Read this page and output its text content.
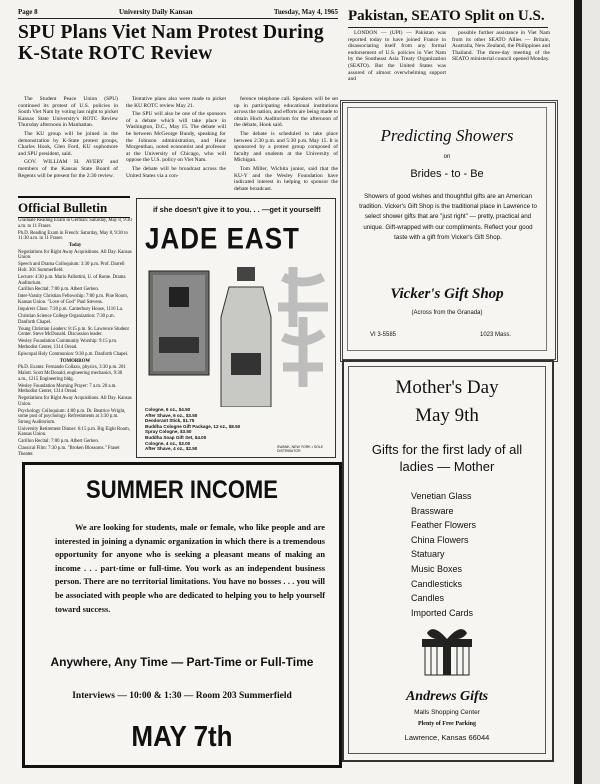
Page 8	University Daily Kansan	Tuesday, May 4, 1965
SPU Plans Viet Nam Protest During K-State ROTC Review

The Student Peace Union (SPU) continued its protest of U.S. policies in South Viet Nam by voting last night to picket Kansas State University's ROTC Review Thursday afternoon in Manhattan.

The KU group will be joined in the demonstration by K-State protest groups, Charles Hook, Glen Ford, KU sophomore and SPU president, said.

GOV. WILLIAM H. AVERY and members of the Kansas State Board of Regents will be present for the 2:30 review.

Tentative plans also were made to picket the KU ROTC review May 21.

The SPU will also be one of the sponsors of a debate which will take place in Washington, D.C., May 15. The debate will be between McGeorge Bundy, speaking for the Johnson administration, and Hans Morgenthau, noted economist and professor at the University of Chicago, who will oppose the U.S. policy on Viet Nam.

The debate will be broadcast across the United States via a con-

ference telephone call. Speakers will be set up in participating educational institutions across the nation, and efforts are being made to obtain Hoch Auditorium for the afternoon of the debate, Hook said.

The debate is scheduled to take place between 2:30 p.m. and 5:30 p.m. May 15. It is sponsored by a protest group composed of faculty and students at the University of Michigan.

Tom Miller, Wichita junior, said that the KU-Y and the Wesley Foundation have indicated interest in helping to sponsor the debate broadcast.

Pakistan, SEATO Split on U.S.

LONDON — (UPI) — Pakistan was reported today to have joined France in disassociating itself from any formal endorsement of U.S. policies in Viet Nam by the Southeast Asia Treaty Organization (SEATO). But the United States was assured of almost overwhelming support and

possible further assistance in Viet Nam from its other SEATO Allies — Britain, Australia, New Zealand, the Philippines and Thailand. The three-day meeting of the SEATO ministerial council opened Monday.

Official Bulletin
Graduate Reading Exam in German: Saturday, May 8, 9:30 a.m. to 11 Fraser.
Ph.D. Reading Exam in French: Saturday, May 8, 9:30 to 11:30 a.m. in 11 Fraser.
Today
Negotiations for Right Away Acquisitions. All Day. Kansas Union.
Speech and Drama Colloquium: 3:30 p.m. Prof. Darrell Holt. 301 Summerfield.
Lecture: 4:30 p.m. Mario Pallottini, U. of Rome. Drama Auditorium.
Carillon Recital: 7:00 p.m. Albert Gerken.
Inter-Varsity Christian Fellowship: 7:00 p.m. Pine Room, Kansas Union. "Love of God" Paul Stevens.
Inquirers Class: 7:30 p.m. Canterbury House, 1116 La.
Christian Science College Organization: 7:30 p.m. Danforth Chapel.
Young Christian Leaders: 8:15 p.m. St. Lawrence Student Center. Steve McDonald. Discussion leader.
Wesley Foundation Community Worship: 9:15 p.m. Methodist Center, 1314 Oread.
Episcopal Holy Communion: 9:30 p.m. Danforth Chapel.
TOMORROW
Ph.D. Exams: Fernando Collazo, physics, 3:30 p.m. 201 Malott. Scott McDonald, engineering mechanics, 9:30 a.m., 1215 Engineering bldg.
Wesley Foundation Morning Prayer: 7 a.m. 20 a.m. Methodist Center, 1314 Oread.
Negotiations for Right Away Acquisitions. All Day. Kansas Union.
Psychology Colloquium: 4:00 p.m. Dr. Beatrice Wright, some post of psychology. Refreshments at 3:30 p.m. Strong Auditorium.
University Retirement Dinner: 6:15 p.m. Big Eight Room, Kansas Union.
Carillon Recital: 7:00 p.m. Albert Gerken.
Classical Film: 7:30 p.m. "Broken Blossoms." Fraser Theater.
if she doesn't give it to you. . . —get it yourself!
JADE EAST
Cologne, 6 oz., $4.50
After Shave, 6 oz., $3.50
Deodorant Stick, $1.75
Buddha Cologne Gift Package, 12 oz., $8.50
Spray Cologne, $3.50
Buddha Soap Gift Set, $4.00
Cologne, 4 oz., $3.00
After Shave, 4 oz., $2.50	SWANK, NEW YORK • SOLE DISTRIBUTOR
SUMMER INCOME
We are looking for students, male or female, who like people and are interested in joining a dynamic organization in which there is a tremendous opportunity for anyone who is seeking a pleasant means of making an income . . . part-time or full-time. You work as an independent business person. There are no territorial limitations. You have no bosses . . . you will be associated with people who are dedicated to helping you to help yourself toward success.
Anywhere, Any Time — Part-Time or Full-Time
Interviews — 10:00 & 1:30 — Room 203 Summerfield
MAY 7th
Predicting Showers
on
Brides - to - Be
Showers of good wishes and thoughtful gifts are an American tradition. Vicker's Gift Shop is the traditional place in Lawrence to select shower gifts that are "just right" — pretty, practical and unique. Gift-wrapped with our compliments. Reflect your good taste with a gift from Vicker's Gift Shop.
Vicker's Gift Shop
(Across from the Granada)
VI 3-5585	1023 Mass.
Mother's Day
May 9th
Gifts for the first lady of all ladies — Mother
Venetian Glass
Brassware
Feather Flowers
China Flowers
Statuary
Music Boxes
Candlesticks
Candles
Imported Cards
Andrews Gifts
Malls Shopping Center
Plenty of Free Parking
Lawrence, Kansas 66044
